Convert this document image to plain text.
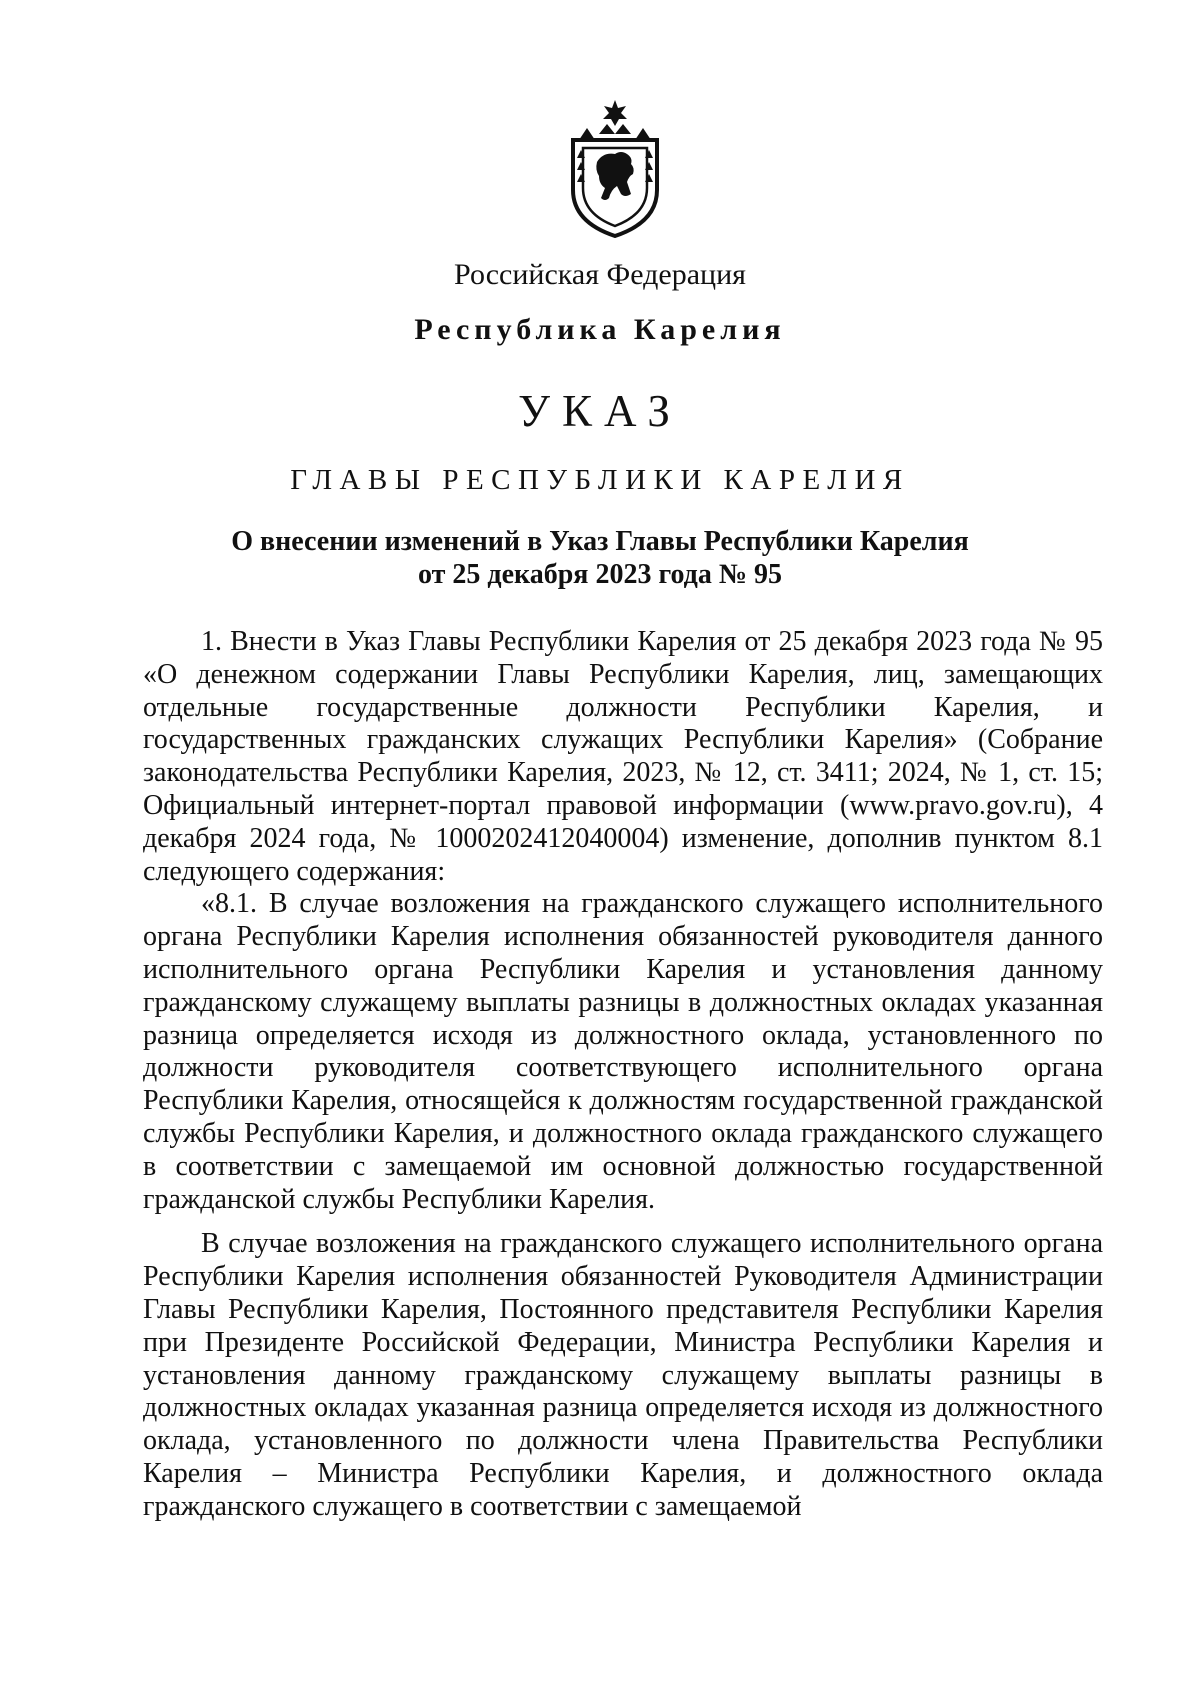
Российская Федерация
Республика Карелия
УКАЗ
ГЛАВЫ РЕСПУБЛИКИ КАРЕЛИЯ
О внесении изменений в Указ Главы Республики Карелия
от 25 декабря 2023 года № 95

1. Внести в Указ Главы Республики Карелия от 25 декабря 2023 года № 95 «О денежном содержании Главы Республики Карелия, лиц, замещающих отдельные государственные должности Республики Карелия, и государственных гражданских служащих Республики Карелия» (Собрание законодательства Республики Карелия, 2023, № 12, ст. 3411; 2024, № 1, ст. 15; Официальный интернет-портал правовой информации (www.pravo.gov.ru), 4 декабря 2024 года, № 1000202412040004) изменение, дополнив пунктом 8.1 следующего содержания:

«8.1. В случае возложения на гражданского служащего исполнительного органа Республики Карелия исполнения обязанностей руководителя данного исполнительного органа Республики Карелия и установления данному гражданскому служащему выплаты разницы в должностных окладах указанная разница определяется исходя из должностного оклада, установленного по должности руководителя соответствующего исполнительного органа Республики Карелия, относящейся к должностям государственной гражданской службы Республики Карелия, и должностного оклада гражданского служащего в соответствии с замещаемой им основной должностью государственной гражданской службы Республики Карелия.

В случае возложения на гражданского служащего исполнительного органа Республики Карелия исполнения обязанностей Руководителя Администрации Главы Республики Карелия, Постоянного представителя Республики Карелия при Президенте Российской Федерации, Министра Республики Карелия и установления данному гражданскому служащему выплаты разницы в должностных окладах указанная разница определяется исходя из должностного оклада, установленного по должности члена Правительства Республики Карелия – Министра Республики Карелия, и должностного оклада гражданского служащего в соответствии с замещаемой
